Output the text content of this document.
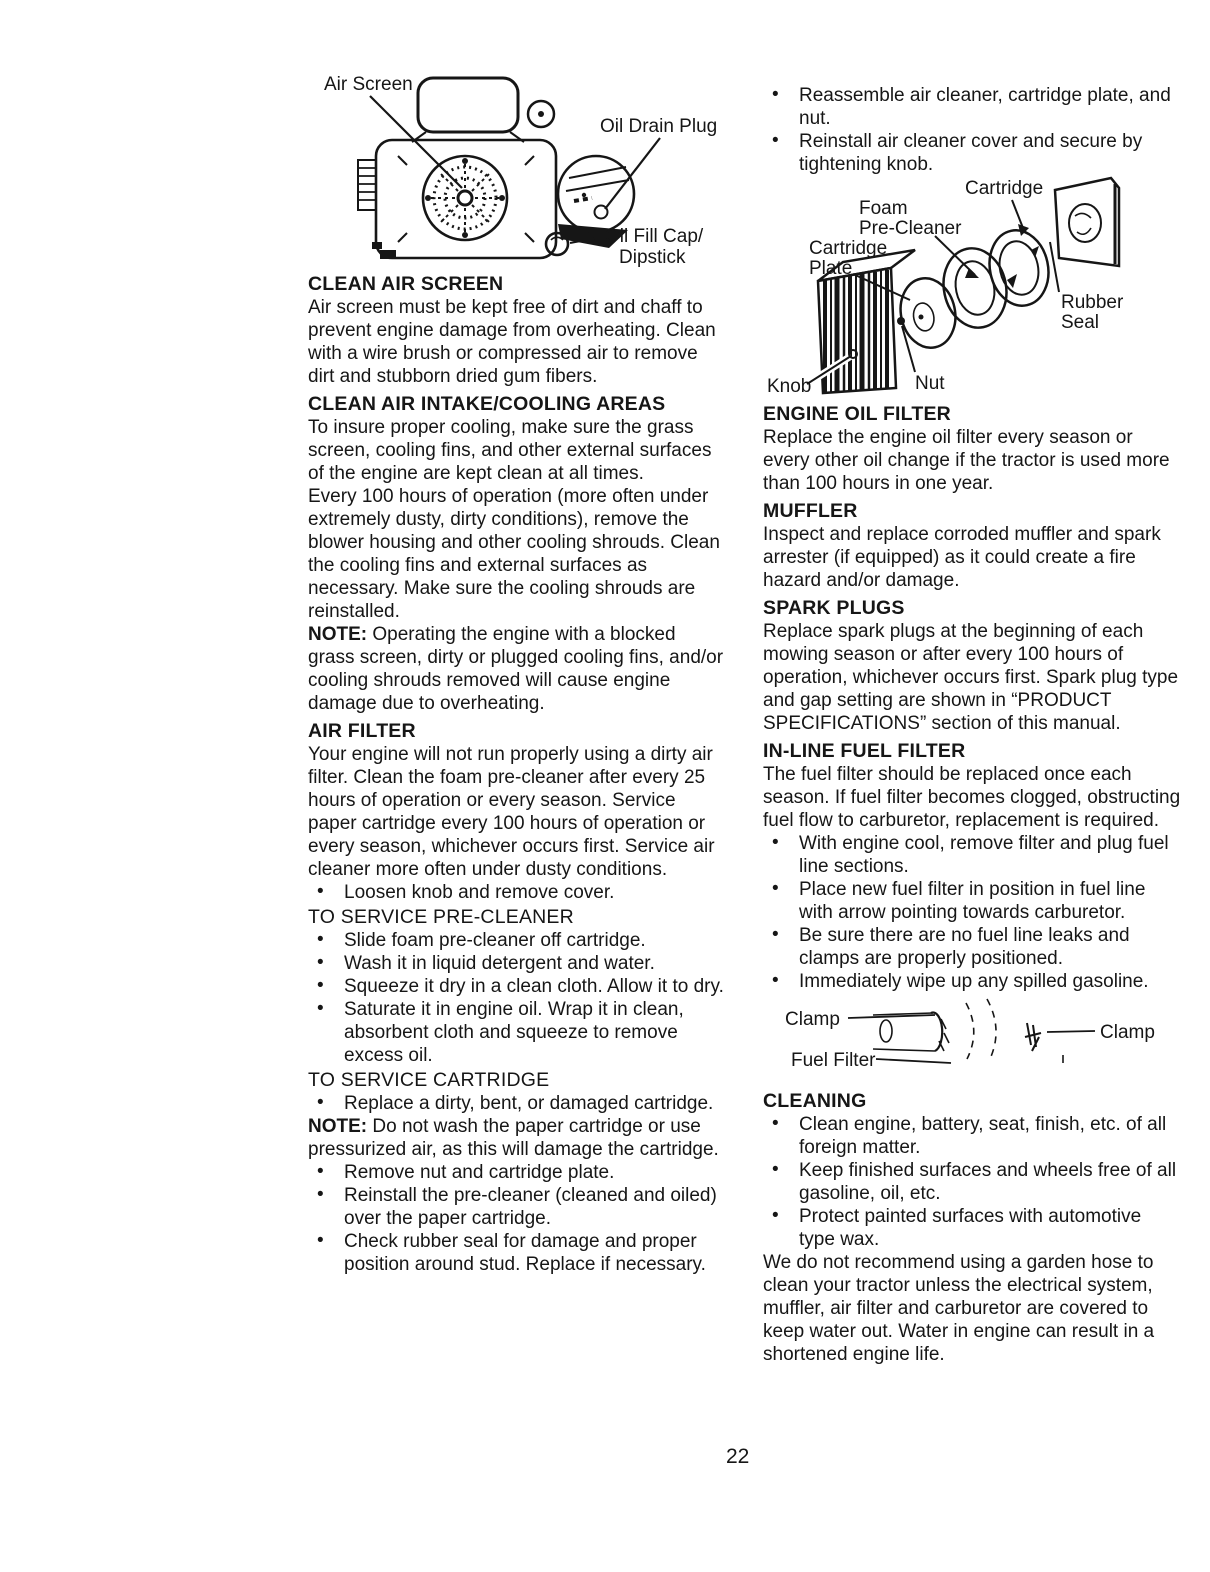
Air Screen
Oil Drain Plug
Oil Fill Cap/
Dipstick
CLEAN AIR SCREEN
Air screen must be kept free of dirt and chaff to prevent engine damage from overheating. Clean with a wire brush or compressed air to remove dirt and stubborn dried gum fibers.
CLEAN AIR INTAKE/COOLING AREAS
To insure proper cooling, make sure the grass screen, cooling fins, and other external surfaces of the engine are kept clean at all times.
Every 100 hours of operation (more often under extremely dusty, dirty conditions), remove the blower housing and other cooling shrouds. Clean the cooling fins and external surfaces as necessary. Make sure the cooling shrouds are reinstalled.
NOTE: Operating the engine with a blocked grass screen, dirty or plugged cooling fins, and/or cooling shrouds removed will cause engine damage due to overheating.
AIR FILTER
Your engine will not run properly using a dirty air filter. Clean the foam pre-cleaner after every 25 hours of operation or every season. Service paper cartridge every 100 hours of operation or every season, whichever occurs first. Service air cleaner more often under dusty conditions.
• Loosen knob and remove cover.
TO SERVICE PRE-CLEANER
• Slide foam pre-cleaner off cartridge.
• Wash it in liquid detergent and water.
• Squeeze it dry in a clean cloth. Allow it to dry.
• Saturate it in engine oil. Wrap it in clean, absorbent cloth and squeeze to remove excess oil.
TO SERVICE CARTRIDGE
• Replace a dirty, bent, or damaged cartridge.
NOTE: Do not wash the paper cartridge or use pressurized air, as this will damage the cartridge.
• Remove nut and cartridge plate.
• Reinstall the pre-cleaner (cleaned and oiled) over the paper cartridge.
• Check rubber seal for damage and proper position around stud. Replace if necessary.
• Reassemble air cleaner, cartridge plate, and nut.
• Reinstall air cleaner cover and secure by tightening knob.
Cartridge
Foam
Pre-Cleaner
Cartridge
Plate
Rubber
Seal
Nut
Knob
ENGINE OIL FILTER
Replace the engine oil filter every season or every other oil change if the tractor is used more than 100 hours in one year.
MUFFLER
Inspect and replace corroded muffler and spark arrester (if equipped) as it could create a fire hazard and/or damage.
SPARK PLUGS
Replace spark plugs at the beginning of each mowing season or after every 100 hours of operation, whichever occurs first. Spark plug type and gap setting are shown in “PRODUCT SPECIFICATIONS” section of this manual.
IN-LINE FUEL FILTER
The fuel filter should be replaced once each season. If fuel filter becomes clogged, obstructing fuel flow to carburetor, replacement is required.
• With engine cool, remove filter and plug fuel line sections.
• Place new fuel filter in position in fuel line with arrow pointing towards carburetor.
• Be sure there are no fuel line leaks and clamps are properly positioned.
• Immediately wipe up any spilled gasoline.
Clamp
Clamp
Fuel Filter
CLEANING
• Clean engine, battery, seat, finish, etc. of all foreign matter.
• Keep finished surfaces and wheels free of all gasoline, oil, etc.
• Protect painted surfaces with automotive type wax.
We do not recommend using a garden hose to clean your tractor unless the electrical system, muffler, air filter and carburetor are covered to keep water out. Water in engine can result in a shortened engine life.
22
